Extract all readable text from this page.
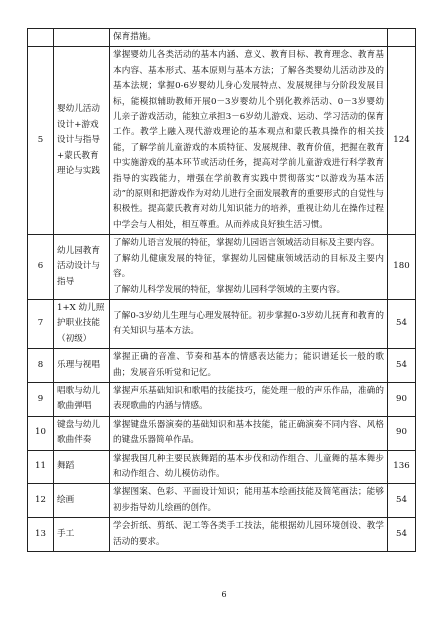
		保育措施。	
5	婴幼儿活动设计+游戏设计与指导+蒙氏教育理论与实践	掌握婴幼儿各类活动的基本内涵、意义、教育目标、教育理念、教育基本内容、基本形式、基本原则与基本方法；了解各类婴幼儿活动涉及的基本法规；掌握0-6岁婴幼儿身心发展特点、发展规律与分阶段发展目标，能模拟辅助教师开展0－3岁婴幼儿个别化教养活动、0－3岁婴幼儿亲子游戏活动，能独立承担3－6岁幼儿游戏、运动、学习活动的保育工作。教学上融入现代游戏理论的基本观点和蒙氏教具操作的相关技能，了解学前儿童游戏的本质特征、发展规律、教育价值，把握在教育中实施游戏的基本环节或活动任务，提高对学前儿童游戏进行科学教育指导的实践能力，增强在学前教育实践中贯彻落实“以游戏为基本活动”的原则和把游戏作为对幼儿进行全面发展教育的重要形式的自觉性与积极性。提高蒙氏教育对幼儿知识能力的培养，重视让幼儿在操作过程中学会与人相处，相互尊重。从而养成良好独生活习惯。	124
6	幼儿园教育活动设计与指导	了解幼儿语言发展的特征，掌握幼儿园语言领域活动目标及主要内容。
了解幼儿健康发展的特征，掌握幼儿园健康领域活动的目标及主要内容。
了解幼儿科学发展的特征，掌握幼儿园科学领域的主要内容。	180
7	1+X 幼儿照护职业技能（初级）	了解0-3岁幼儿生理与心理发展特征。初步掌握0-3岁幼儿抚育和教育的有关知识与基本方法。	54
8	乐理与视唱	掌握正确的音准、节奏和基本的情感表达能力；能识谱延长一般的歌曲；发展音乐听觉和记忆。	54
9	唱歌与幼儿歌曲弹唱	掌握声乐基础知识和歌唱的技能技巧，能处理一般的声乐作品，准确的表现歌曲的内涵与情感。	90
10	键盘与幼儿歌曲伴奏	掌握键盘乐器演奏的基础知识和基本技能，能正确演奏不同内容、风格的键盘乐器简单作品。	90
11	舞蹈	掌握我国几种主要民族舞蹈的基本步伐和动作组合、儿童舞的基本舞步和动作组合、幼儿模仿动作。	136
12	绘画	掌握图案、色彩、平面设计知识；能用基本绘画技能及简笔画法；能够初步指导幼儿绘画的创作。	54
13	手工	学会折纸、剪纸、泥工等各类手工技法，能根据幼儿园环境创设、教学活动的要求。	54
6
